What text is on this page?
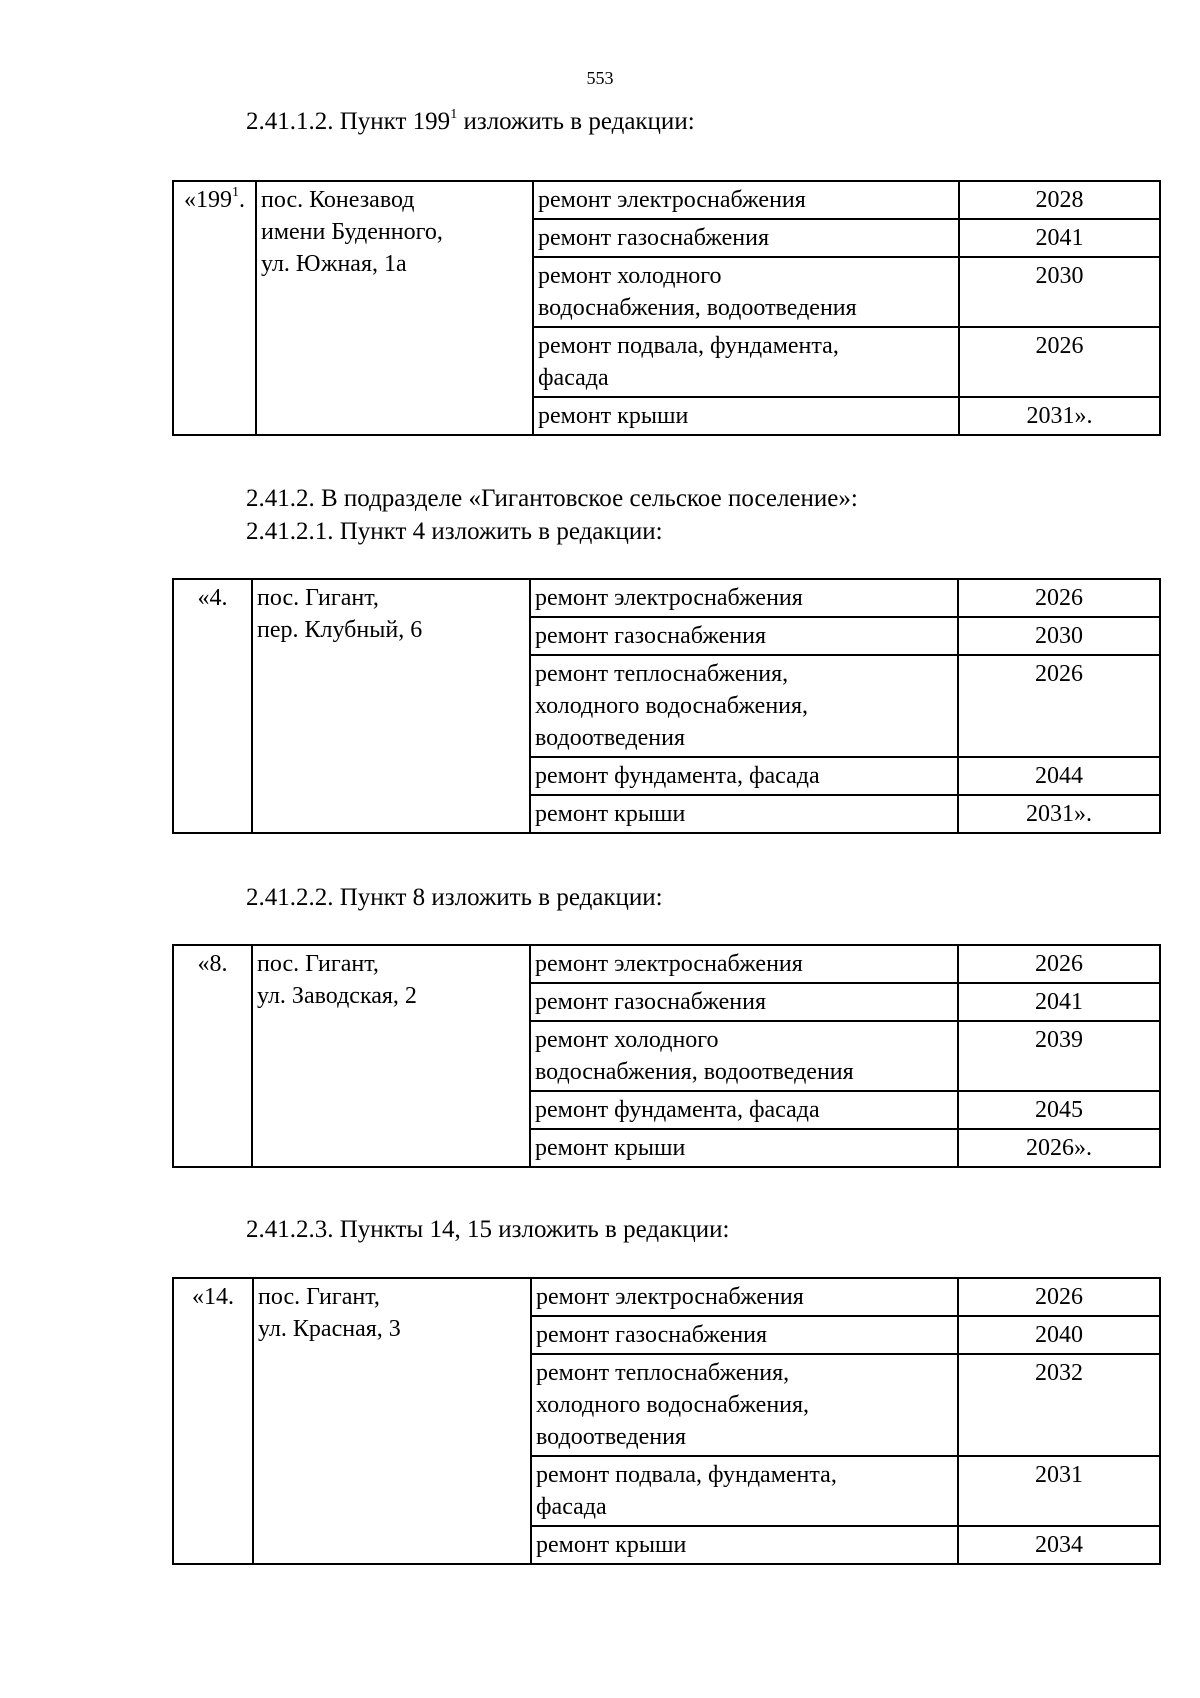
553
2.41.1.2. Пункт $199^1$ изложить в редакции:
«$199^1$.	пос. Конезавод
имени Буденного,
ул. Южная, 1а	ремонт электроснабжения	2028

		ремонт газоснабжения	2041

		ремонт холодного
водоснабжения, водоотведения	2030

		ремонт подвала, фундамента,
фасада	2026

		ремонт крыши	2031».
2.41.2. В подразделе «Гигантовское сельское поселение»:
2.41.2.1. Пункт 4 изложить в редакции:
«4.	пос. Гигант,
пер. Клубный, 6	ремонт электроснабжения	2026

		ремонт газоснабжения	2030

		ремонт теплоснабжения,
холодного водоснабжения,
водоотведения	2026

		ремонт фундамента, фасада	2044

		ремонт крыши	2031».
2.41.2.2. Пункт 8 изложить в редакции:
«8.	пос. Гигант,
ул. Заводская, 2	ремонт электроснабжения	2026

		ремонт газоснабжения	2041

		ремонт холодного
водоснабжения, водоотведения	2039

		ремонт фундамента, фасада	2045

		ремонт крыши	2026».
2.41.2.3. Пункты 14, 15 изложить в редакции:
«14.	пос. Гигант,
ул. Красная, 3	ремонт электроснабжения	2026

		ремонт газоснабжения	2040

		ремонт теплоснабжения,
холодного водоснабжения,
водоотведения	2032

		ремонт подвала, фундамента,
фасада	2031

		ремонт крыши	2034
